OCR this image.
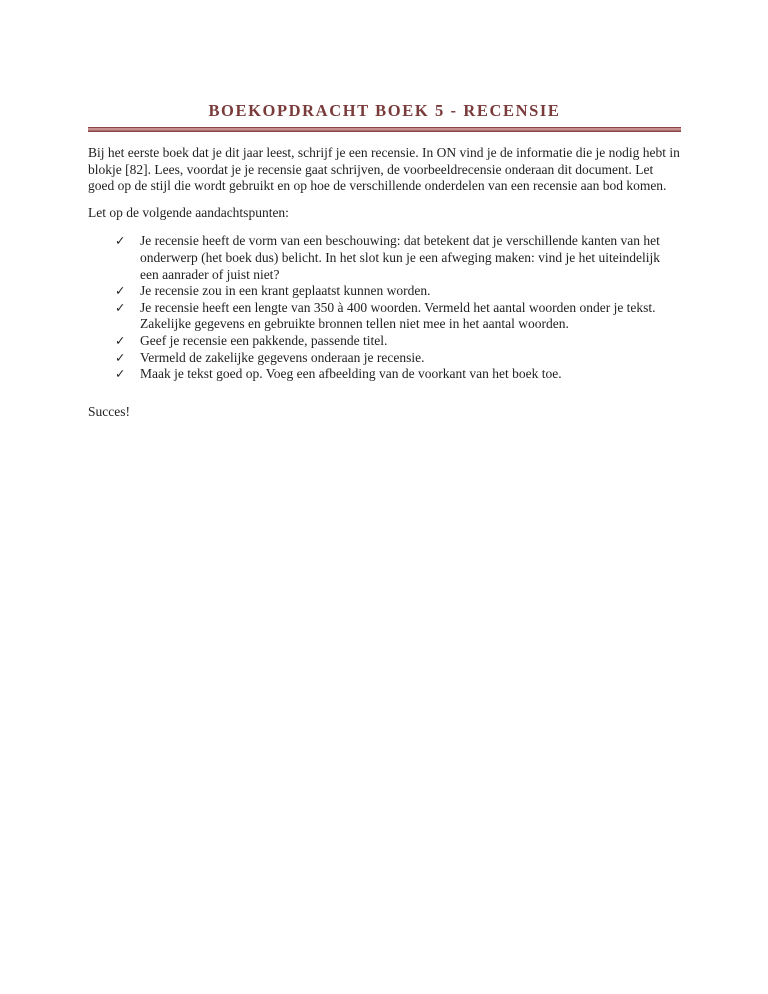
BOEKOPDRACHT BOEK 5 - RECENSIE

Bij het eerste boek dat je dit jaar leest, schrijf je een recensie. In ON vind je de informatie die je nodig hebt in blokje [82]. Lees, voordat je je recensie gaat schrijven, de voorbeeldrecensie onderaan dit document. Let goed op de stijl die wordt gebruikt en op hoe de verschillende onderdelen van een recensie aan bod komen.

Let op de volgende aandachtspunten:

✓ Je recensie heeft de vorm van een beschouwing: dat betekent dat je verschillende kanten van het onderwerp (het boek dus) belicht. In het slot kun je een afweging maken: vind je het uiteindelijk een aanrader of juist niet?
✓ Je recensie zou in een krant geplaatst kunnen worden.
✓ Je recensie heeft een lengte van 350 à 400 woorden. Vermeld het aantal woorden onder je tekst. Zakelijke gegevens en gebruikte bronnen tellen niet mee in het aantal woorden.
✓ Geef je recensie een pakkende, passende titel.
✓ Vermeld de zakelijke gegevens onderaan je recensie.
✓ Maak je tekst goed op. Voeg een afbeelding van de voorkant van het boek toe.

Succes!
